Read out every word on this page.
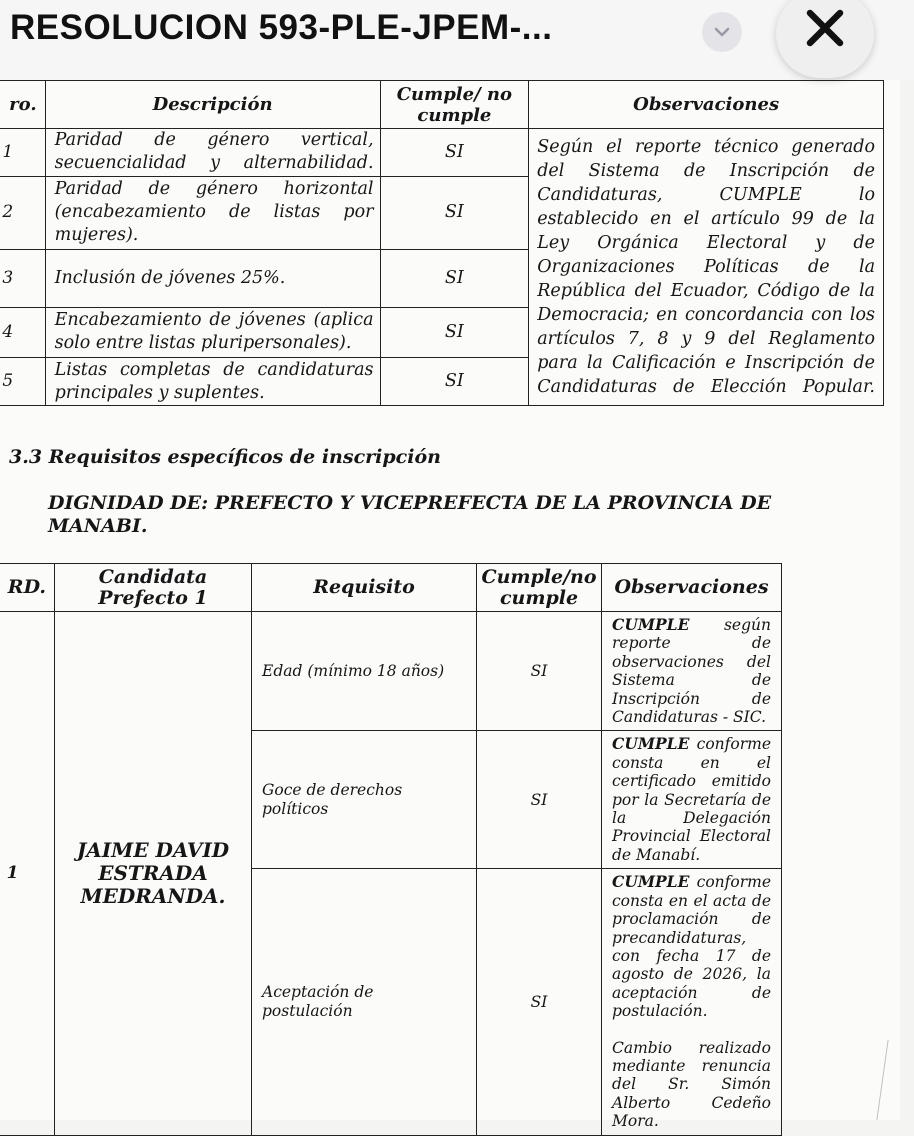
RESOLUCION 593-PLE-JPEM-...
ro.	Descripción	Cumple/ no cumple	Observaciones
1	Paridad de género vertical, secuencialidad y alternabilidad.	SI	Según el reporte técnico generado del Sistema de Inscripción de Candidaturas, CUMPLE lo establecido en el artículo 99 de la Ley Orgánica Electoral y de Organizaciones Políticas de la República del Ecuador, Código de la Democracia; en concordancia con los artículos 7, 8 y 9 del Reglamento para la Calificación e Inscripción de Candidaturas de Elección Popular.

2	Paridad de género horizontal (encabezamiento de listas por mujeres).	SI	
3	Inclusión de jóvenes 25%.	SI	
4	Encabezamiento de jóvenes (aplica solo entre listas pluripersonales).	SI	
5	Listas completas de candidaturas principales y suplentes.	SI	
3.3 Requisitos específicos de inscripción
DIGNIDAD DE: PREFECTO Y VICEPREFECTA DE LA PROVINCIA DE MANABI.
RD.	Candidata Prefecto 1	Requisito	Cumple/no cumple	Observaciones
1	JAIME DAVID ESTRADA MEDRANDA.	Edad (mínimo 18 años)	SI	CUMPLE según reporte de observaciones del Sistema de Inscripción de Candidaturas - SIC.
		Goce de derechos políticos	SI	CUMPLE conforme consta en el certificado emitido por la Secretaría de la Delegación Provincial Electoral de Manabí.
		Aceptación de postulación	SI	CUMPLE conforme consta en el acta de proclamación de precandidaturas, con fecha 17 de agosto de 2026, la aceptación de postulación.
Cambio realizado mediante renuncia del Sr. Simón Alberto Cedeño Mora.
